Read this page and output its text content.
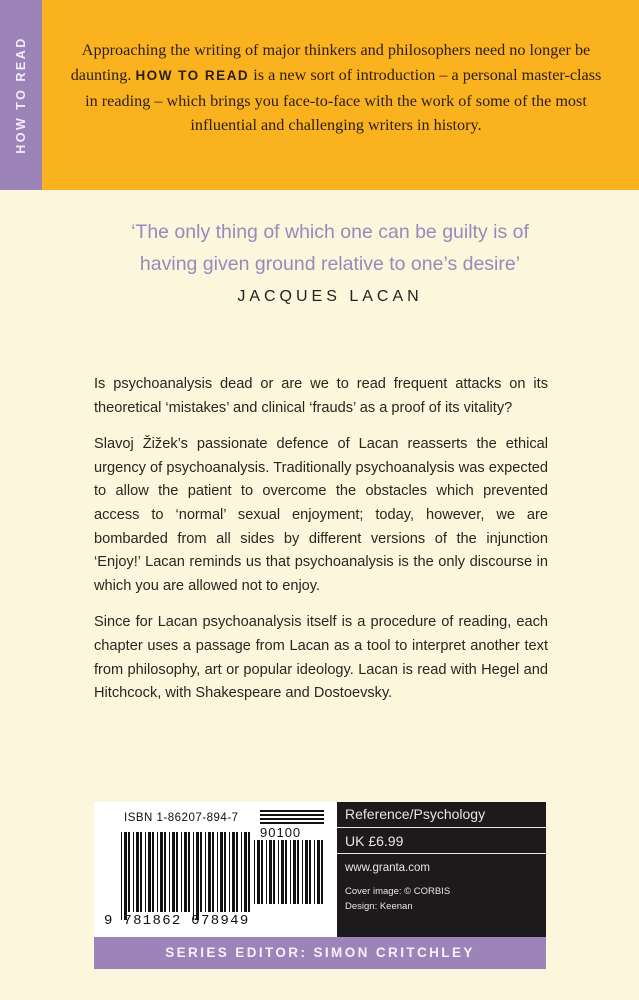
HOW TO READ	Approaching the writing of major thinkers and philosophers need no longer be daunting. HOW TO READ is a new sort of introduction – a personal master-class in reading – which brings you face-to-face with the work of some of the most influential and challenging writers in history.
‘The only thing of which one can be guilty is of
having given ground relative to one’s desire’
JACQUES LACAN

Is psychoanalysis dead or are we to read frequent attacks on its theoretical ‘mistakes’ and clinical ‘frauds’ as a proof of its vitality?

Slavoj Žižek’s passionate defence of Lacan reasserts the ethical urgency of psychoanalysis. Traditionally psychoanalysis was expected to allow the patient to overcome the obstacles which prevented access to ‘normal’ sexual enjoyment; today, however, we are bombarded from all sides by different versions of the injunction ‘Enjoy!’ Lacan reminds us that psychoanalysis is the only discourse in which you are allowed not to enjoy.

Since for Lacan psychoanalysis itself is a procedure of reading, each chapter uses a passage from Lacan as a tool to interpret another text from philosophy, art or popular ideology. Lacan is read with Hegel and Hitchcock, with Shakespeare and Dostoevsky.

ISBN 1-86207-894-7
90100
9 781862 078949
Reference/Psychology
UK £6.99
www.granta.com
Cover image: © CORBIS
Design: Keenan
SERIES EDITOR: SIMON CRITCHLEY
